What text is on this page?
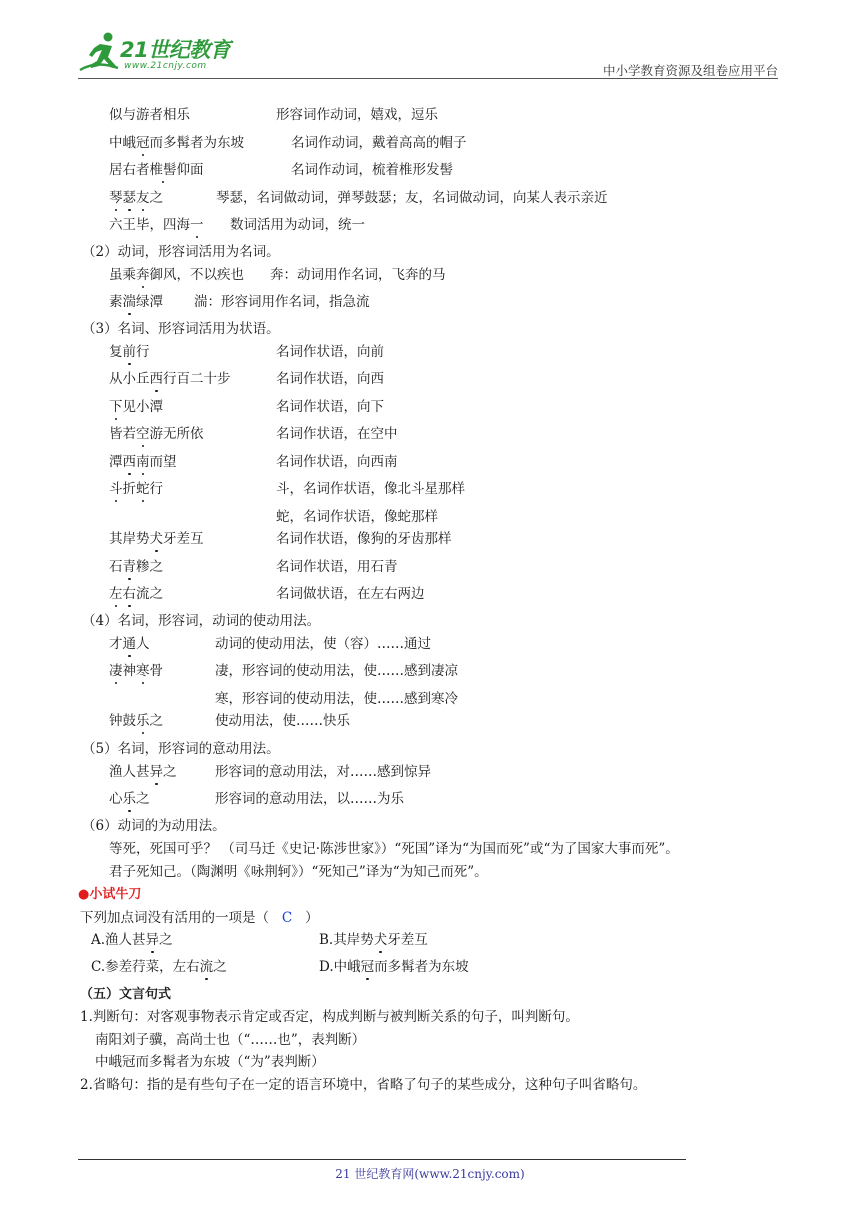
21世纪教育
www.21cnjy.com	中小学教育资源及组卷应用平台
似与游者相乐	形容词作动词，嬉戏，逗乐
中峨冠而多髯者为东坡	名词作动词，戴着高高的帽子
居右者椎髻仰面	名词作动词，梳着椎形发髻
琴瑟友之	琴瑟，名词做动词，弹琴鼓瑟；友，名词做动词，向某人表示亲近
六王毕，四海一 数词活用为动词，统一
（2）动词，形容词活用为名词。
虽乘奔御风，不以疾也 奔：动词用作名词，飞奔的马
素湍绿潭 湍：形容词用作名词，指急流
（3）名词、形容词活用为状语。
复前行	名词作状语，向前
从小丘西行百二十步	名词作状语，向西
下见小潭	名词作状语，向下
皆若空游无所依	名词作状语，在空中
潭西南而望	名词作状语，向西南
斗折蛇行	斗，名词作状语，像北斗星那样
蛇，名词作状语，像蛇那样
其岸势犬牙差互	名词作状语，像狗的牙齿那样
石青糁之	名词作状语，用石青
左右流之	名词做状语，在左右两边
（4）名词，形容词，动词的使动用法。
才通人	动词的使动用法，使（容）……通过
凄神寒骨	凄，形容词的使动用法，使……感到凄凉
寒，形容词的使动用法，使……感到寒冷
钟鼓乐之	使动用法，使……快乐
（5）名词，形容词的意动用法。
渔人甚异之	形容词的意动用法，对……感到惊异
心乐之	形容词的意动用法，以……为乐
（6）动词的为动用法。
等死，死国可乎？ （司马迁《史记·陈涉世家》）“死国”译为“为国而死”或“为了国家大事而死”。
君子死知己。（陶渊明《咏荆轲》）“死知己”译为“为知己而死”。
●小试牛刀
下列加点词没有活用的一项是（ C ）
A.渔人甚异之	B.其岸势犬牙差互
C.参差荇菜，左右流之	D.中峨冠而多髯者为东坡
（五）文言句式
1.判断句：对客观事物表示肯定或否定，构成判断与被判断关系的句子，叫判断句。
南阳刘子骥，高尚士也（“……也”，表判断）
中峨冠而多髯者为东坡（“为”表判断）
2.省略句：指的是有些句子在一定的语言环境中，省略了句子的某些成分，这种句子叫省略句。
21 世纪教育网(www.21cnjy.com)
